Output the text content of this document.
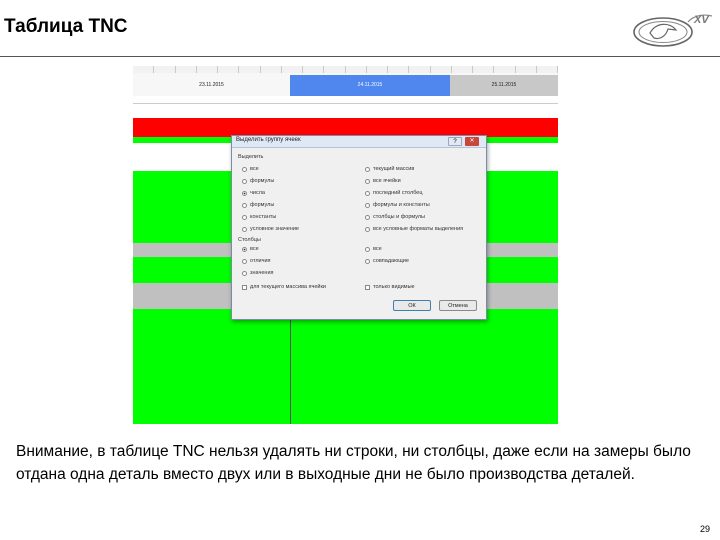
Таблица TNC	XV
23.11.2015	24.11.2015	25.11.2015
Выделить группу ячеек	?	✕
Выделить
все
формулы
числа
формулы
константы
условное значение
текущий массив
все ячейки
последний столбец
формулы и константы
столбцы и формулы
все условные форматы выделения
Столбцы
все
отличия
значения
все
совпадающие
для текущего массива ячейки	только видимые
ОК	Отмена
Внимание, в таблице TNC нельзя удалять ни строки, ни столбцы, даже если на замеры было отдана одна деталь вместо двух или в выходные дни не было производства деталей.
29
